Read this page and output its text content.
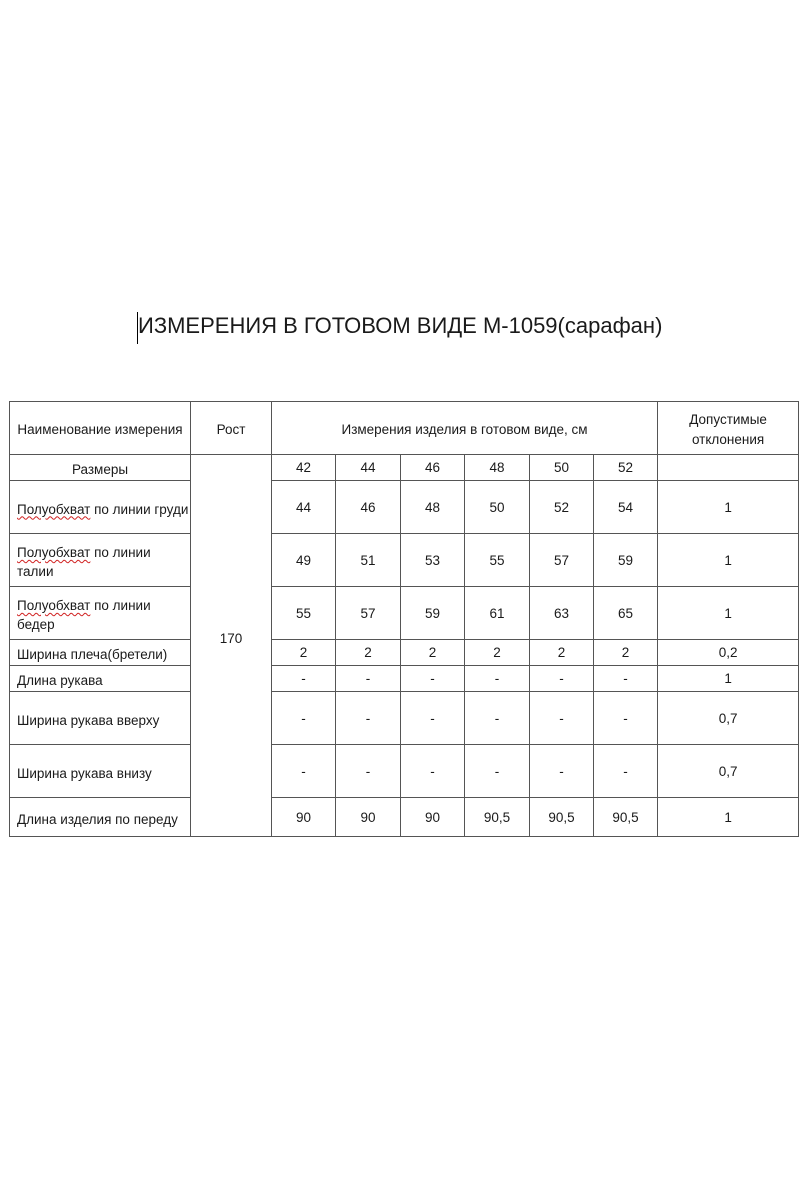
ИЗМЕРЕНИЯ В ГОТОВОМ ВИДЕ М-1059(сарафан)
Наименование измерения	Рост	Измерения изделия в готовом виде, см						Допустимые отклонения
Размеры	170	42	44	46	48	50	52	
Полуобхват по линии груди		44	46	48	50	52	54	1
Полуобхват по линии талии		49	51	53	55	57	59	1
Полуобхват по линии бедер		55	57	59	61	63	65	1
Ширина плеча(бретели)		2	2	2	2	2	2	0,2
Длина рукава		-	-	-	-	-	-	1
Ширина рукава вверху		-	-	-	-	-	-	0,7
Ширина рукава внизу		-	-	-	-	-	-	0,7
Длина изделия по переду		90	90	90	90,5	90,5	90,5	1
